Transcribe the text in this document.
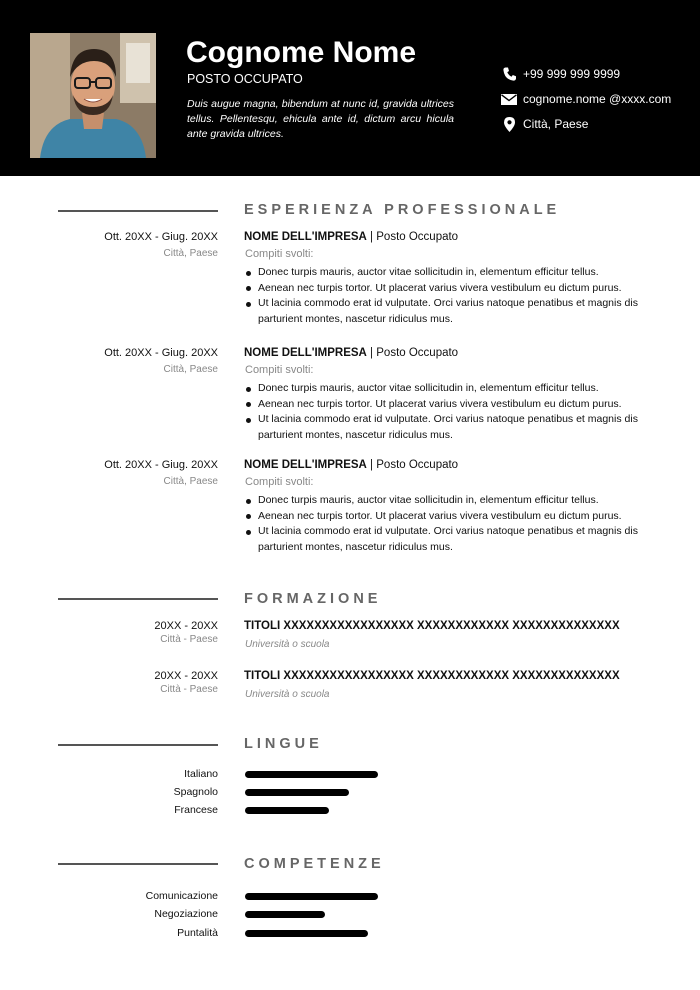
Cognome Nome
POSTO OCCUPATO
Duis augue magna, bibendum at nunc id, gravida ultrices tellus. Pellentesqu, ehicula ante id, dictum arcu hicula ante gravida ultrices.
+99 999 999 9999
cognome.nome @xxxx.com
Città, Paese
ESPERIENZA PROFESSIONALE
Ott. 20XX - Giug. 20XX
Città, Paese
NOME DELL'IMPRESA | Posto Occupato
Compiti svolti:
Donec turpis mauris, auctor vitae sollicitudin in, elementum efficitur tellus.
Aenean nec turpis tortor. Ut placerat varius vivera vestibulum eu dictum purus.
Ut lacinia commodo erat id vulputate. Orci varius natoque penatibus et magnis dis parturient montes, nascetur ridiculus mus.
Ott. 20XX - Giug. 20XX
Città, Paese
NOME DELL'IMPRESA | Posto Occupato
Compiti svolti:
Donec turpis mauris, auctor vitae sollicitudin in, elementum efficitur tellus.
Aenean nec turpis tortor. Ut placerat varius vivera vestibulum eu dictum purus.
Ut lacinia commodo erat id vulputate. Orci varius natoque penatibus et magnis dis parturient montes, nascetur ridiculus mus.
Ott. 20XX - Giug. 20XX
Città, Paese
NOME DELL'IMPRESA | Posto Occupato
Compiti svolti:
Donec turpis mauris, auctor vitae sollicitudin in, elementum efficitur tellus.
Aenean nec turpis tortor. Ut placerat varius vivera vestibulum eu dictum purus.
Ut lacinia commodo erat id vulputate. Orci varius natoque penatibus et magnis dis parturient montes, nascetur ridiculus mus.
FORMAZIONE
20XX - 20XX
Città - Paese
TITOLI XXXXXXXXXXXXXXXXX XXXXXXXXXXXX XXXXXXXXXXXXXX
Università o scuola
20XX - 20XX
Città - Paese
TITOLI XXXXXXXXXXXXXXXXX XXXXXXXXXXXX XXXXXXXXXXXXXX
Università o scuola
LINGUE
Italiano
Spagnolo
Francese
COMPETENZE
Comunicazione
Negoziazione
Puntalità
